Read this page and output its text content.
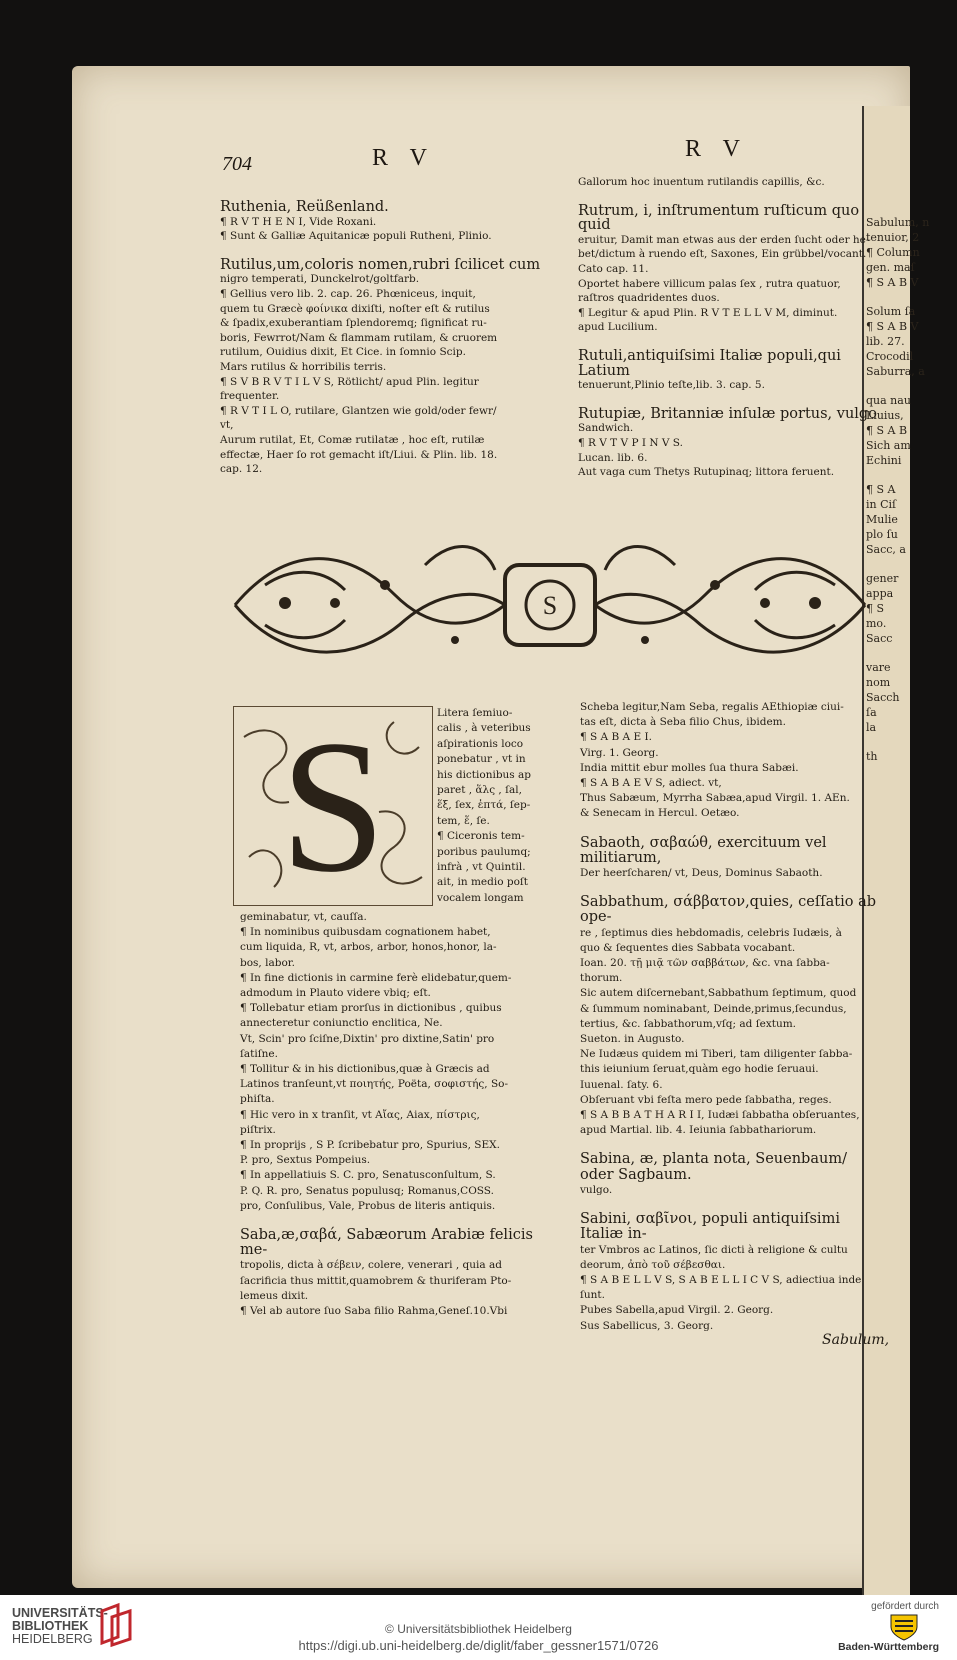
Sabulum, n
tenuior, 2
¶ Column
gen. maſ
¶ S A B V
Solum ſa
¶ S A B V
lib. 27.
Crocodil
Saburra, a
qua nau
Liuius,
¶ S A B
Sich am
Echini
¶ S A
in Ciſ
Mulie
plo ſu
Sacc, a
gener
appa
¶ S
mo.
Sacc
vare
nom
Sacch
ſa
la
th
704	R V	R V
Ruthenia, Reüßenland.
¶ R V T H E N I, Vide Roxani.
¶ Sunt & Galliæ Aquitanicæ populi Rutheni, Plinio.
Rutilus,um,coloris nomen,rubri ſcilicet cum
nigro temperati, Dunckelrot/goltfarb.
¶ Gellius vero lib. 2. cap. 26. Phœniceus, inquit,
quem tu Græcè φοίνικα dixiſti, noſter eſt & rutilus
& ſpadix,exuberantiam ſplendoremq; ſignificat ru-
boris, Fewrrot/Nam & flammam rutilam, & cruorem
rutilum, Ouidius dixit, Et Cice. in ſomnio Scip.
Mars rutilus & horribilis terris.
¶ S V B R V T I L V S, Rötlicht/ apud Plin. legitur
frequenter.
¶ R V T I L O, rutilare, Glantzen wie gold/oder fewr/
vt,
Aurum rutilat, Et, Comæ rutilatæ , hoc eſt, rutilæ
effectæ, Haer ſo rot gemacht iſt/Liui. & Plin. lib. 18.
cap. 12.
Gallorum hoc inuentum rutilandis capillis, &c.
Rutrum, i, inſtrumentum ruſticum quo quid
eruitur, Damit man etwas aus der erden ſucht oder he-
bet/dictum à ruendo eſt, Saxones, Ein grübbel/vocant.
Cato cap. 11.
Oportet habere villicum palas ſex , rutra quatuor,
raſtros quadridentes duos.
¶ Legitur & apud Plin. R V T E L L V M, diminut.
apud Lucilium.
Rutuli,antiquiſsimi Italiæ populi,qui Latium
tenuerunt,Plinio teſte,lib. 3. cap. 5.
Rutupiæ, Britanniæ inſulæ portus, vulgo
Sandwich.
¶ R V T V P I N V S.
Lucan. lib. 6.
Aut vaga cum Thetys Rutupinaq; littora feruent.
S
S	Litera ſemiuo-
calis , à veteribus
aſpirationis loco
ponebatur , vt in
his dictionibus ap
paret , ἅλς , ſal,
ἕξ, ſex, ἑπτά, ſep-
tem, ἕ, ſe.
¶ Ciceronis tem-
poribus paulumq;
infrà , vt Quintil.
ait, in medio poſt
vocalem longam
geminabatur, vt, cauſſa.
¶ In nominibus quibusdam cognationem habet,
cum liquida, R, vt, arbos, arbor, honos,honor, la-
bos, labor.
¶ In fine dictionis in carmine ferè elidebatur,quem-
admodum in Plauto videre vbiq; eſt.
¶ Tollebatur etiam prorſus in dictionibus , quibus
annecteretur coniunctio encliticа, Ne.
Vt, Scin' pro ſciſne,Dixtin' pro dixtine,Satin' pro
ſatiſne.
¶ Tollitur & in his dictionibus,quæ à Græcis ad
Latinos tranſeunt,vt ποιητής, Poëta, σοφιστής, So-
phiſta.
¶ Hic vero in x tranſit, vt Αἴας, Aiax, πίστρις,
piſtrix.
¶ In proprijs , S P. ſcribebatur pro, Spurius, SEX.
P. pro, Sextus Pompeius.
¶ In appellatiuis S. C. pro, Senatusconſultum, S.
P. Q. R. pro, Senatus populusq; Romanus,COSS.
pro, Conſulibus, Vale, Probus de literis antiquis.
Saba,æ,σαβά, Sabæorum Arabiæ felicis me-
tropolis, dicta à σέβειν, colere, venerari , quia ad
ſacrificia thus mittit,quamobrem & thuriferam Pto-
lemeus dixit.
¶ Vel ab autore ſuo Saba filio Rahma,Geneſ.10.Vbi
Scheba legitur,Nam Seba, regalis AEthiopiæ ciui-
tas eſt, dicta à Seba filio Chus, ibidem.
¶ S A B A E I.
Virg. 1. Georg.
India mittit ebur molles ſua thura Sabæi.
¶ S A B A E V S, adiect. vt,
Thus Sabæum, Myrrha Sabæa,apud Virgil. 1. AEn.
& Senecam in Hercul. Oetæo.
Sabaoth, σαβαώθ, exercituum vel militiarum,
Der heerſcharen/ vt, Deus, Dominus Sabaoth.
Sabbathum, σάββατον,quies, ceſſatio ab ope-
re , ſeptimus dies hebdomadis, celebris Iudæis, à
quo & ſequentes dies Sabbata vocabant.
Ioan. 20. τῇ μιᾷ τῶν σαββάτων, &c. vna ſabba-
thorum.
Sic autem diſcernebant,Sabbathum ſeptimum, quod
& ſummum nominabant, Deinde,primus,ſecundus,
tertius, &c. ſabbathorum,vſq; ad ſextum.
Sueton. in Augusto.
Ne Iudæus quidem mi Tiberi, tam diligenter ſabba-
this ieiunium ſeruat,quàm ego hodie ſeruaui.
Iuuenal. ſaty. 6.
Obſeruant vbi feſta mero pede ſabbatha, reges.
¶ S A B B A T H A R I I, Iudæi ſabbatha obſeruantes,
apud Martial. lib. 4. Ieiunia ſabbathariorum.
Sabina, æ, planta nota, Seuenbaum/ oder Sagbaum.
vulgo.
Sabini, σαβῖνοι, populi antiquiſsimi Italiæ in-
ter Vmbros ac Latinos, ſic dicti à religione & cultu
deorum, ἀπὸ τοῦ σέβεσθαι.
¶ S A B E L L V S, S A B E L L I C V S, adiectiua inde
ſunt.
Pubes Sabella,apud Virgil. 2. Georg.
Sus Sabellicus, 3. Georg.
Sabulum,
UNIVERSITÄTS-
BIBLIOTHEK
HEIDELBERG
© Universitätsbibliothek Heidelberg
https://digi.ub.uni-heidelberg.de/diglit/faber_gessner1571/0726
gefördert durch
Baden-Württemberg
